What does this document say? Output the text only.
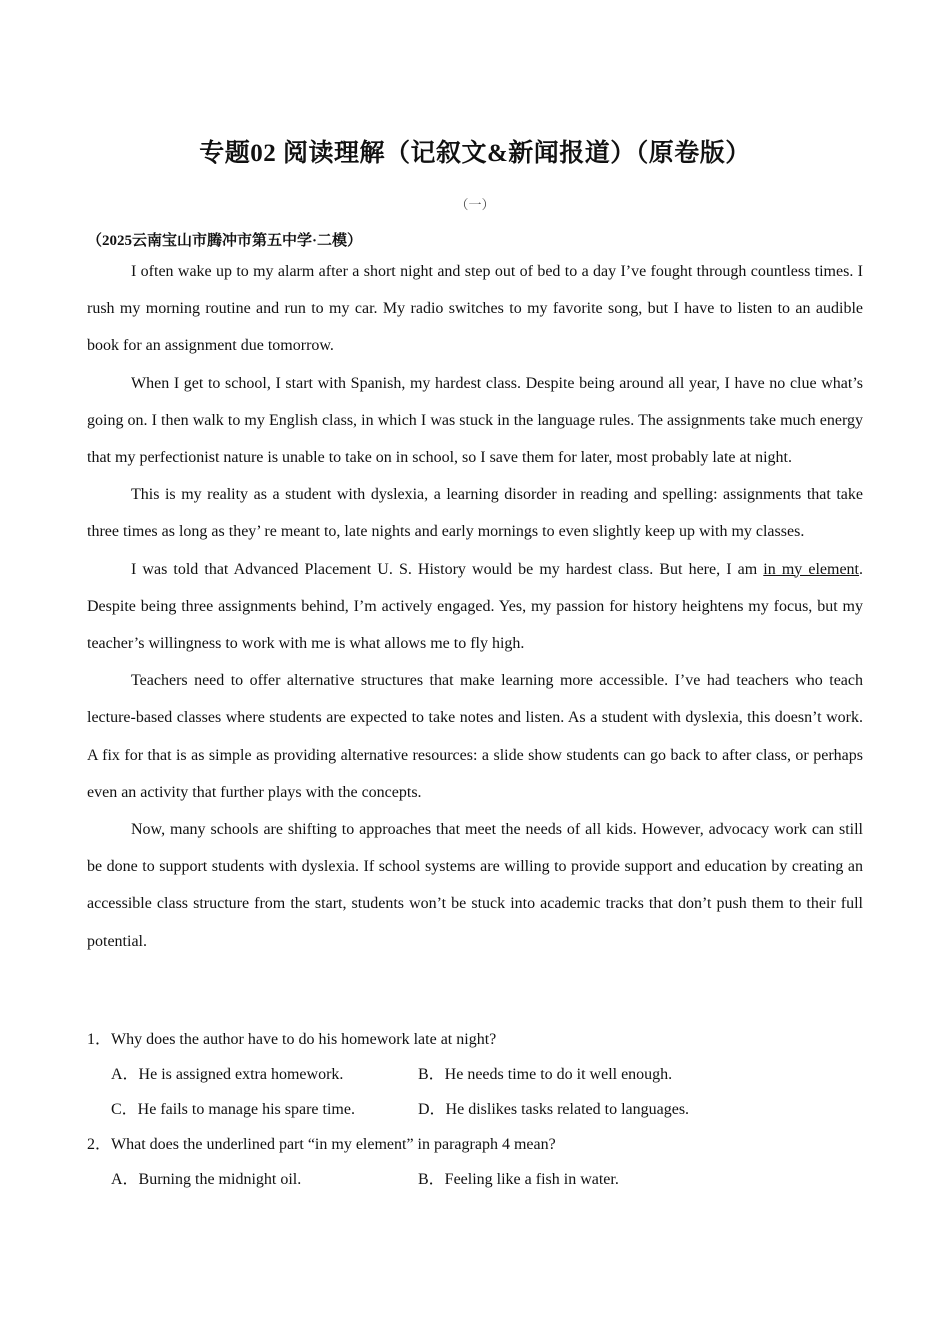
专题02 阅读理解（记叙文&新闻报道）（原卷版）
（一）
（2025云南宝山市腾冲市第五中学·二模）

I often wake up to my alarm after a short night and step out of bed to a day I’ve fought through countless times. I rush my morning routine and run to my car. My radio switches to my favorite song, but I have to listen to an audible book for an assignment due tomorrow.

When I get to school, I start with Spanish, my hardest class. Despite being around all year, I have no clue what’s going on. I then walk to my English class, in which I was stuck in the language rules. The assignments take much energy that my perfectionist nature is unable to take on in school, so I save them for later, most probably late at night.

This is my reality as a student with dyslexia, a learning disorder in reading and spelling: assignments that take three times as long as they’ re meant to, late nights and early mornings to even slightly keep up with my classes.

I was told that Advanced Placement U. S. History would be my hardest class. But here, I am in my element. Despite being three assignments behind, I’m actively engaged. Yes, my passion for history heightens my focus, but my teacher’s willingness to work with me is what allows me to fly high.

Teachers need to offer alternative structures that make learning more accessible. I’ve had teachers who teach lecture-based classes where students are expected to take notes and listen. As a student with dyslexia, this doesn’t work. A fix for that is as simple as providing alternative resources: a slide show students can go back to after class, or perhaps even an activity that further plays with the concepts.

Now, many schools are shifting to approaches that meet the needs of all kids. However, advocacy work can still be done to support students with dyslexia. If school systems are willing to provide support and education by creating an accessible class structure from the start, students won’t be stuck into academic tracks that don’t push them to their full potential.

1．Why does the author have to do his homework late at night?
A．He is assigned extra homework.	B．He needs time to do it well enough.
C．He fails to manage his spare time.	D．He dislikes tasks related to languages.
2．What does the underlined part “in my element” in paragraph 4 mean?
A．Burning the midnight oil.	B．Feeling like a fish in water.
